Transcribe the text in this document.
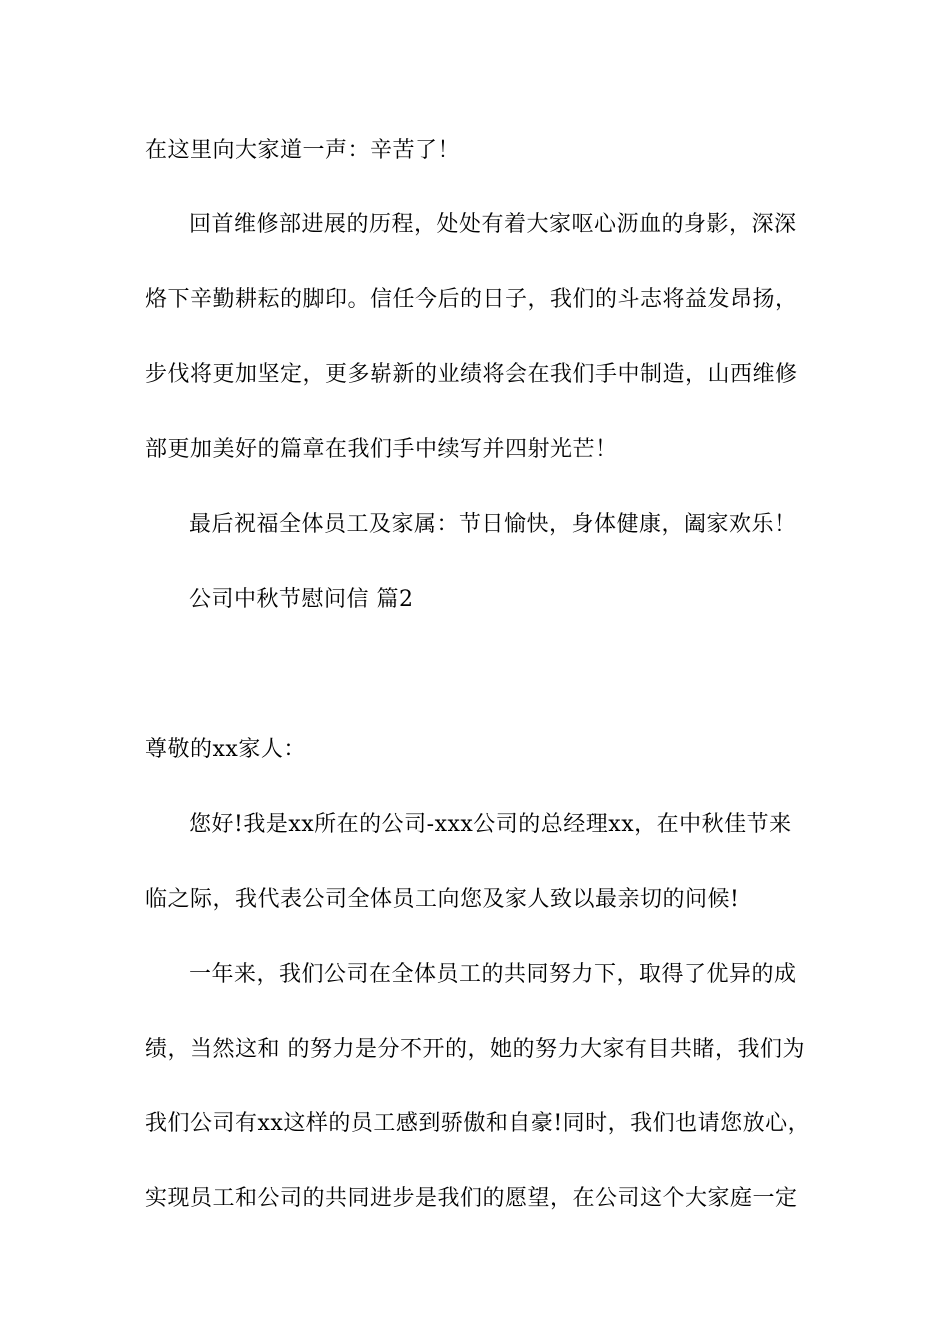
在这里向大家道一声：辛苦了！
回首维修部进展的历程，处处有着大家呕心沥血的身影，深深
烙下辛勤耕耘的脚印。信任今后的日子，我们的斗志将益发昂扬，
步伐将更加坚定，更多崭新的业绩将会在我们手中制造，山西维修
部更加美好的篇章在我们手中续写并四射光芒！
最后祝福全体员工及家属：节日愉快，身体健康，阖家欢乐！
公司中秋节慰问信 篇2
尊敬的xx家人：
您好!我是xx所在的公司-xxx公司的总经理xx，在中秋佳节来
临之际，我代表公司全体员工向您及家人致以最亲切的问候!
一年来，我们公司在全体员工的共同努力下，取得了优异的成
绩，当然这和 的努力是分不开的，她的努力大家有目共睹，我们为
我们公司有xx这样的员工感到骄傲和自豪!同时，我们也请您放心，
实现员工和公司的共同进步是我们的愿望，在公司这个大家庭一定
